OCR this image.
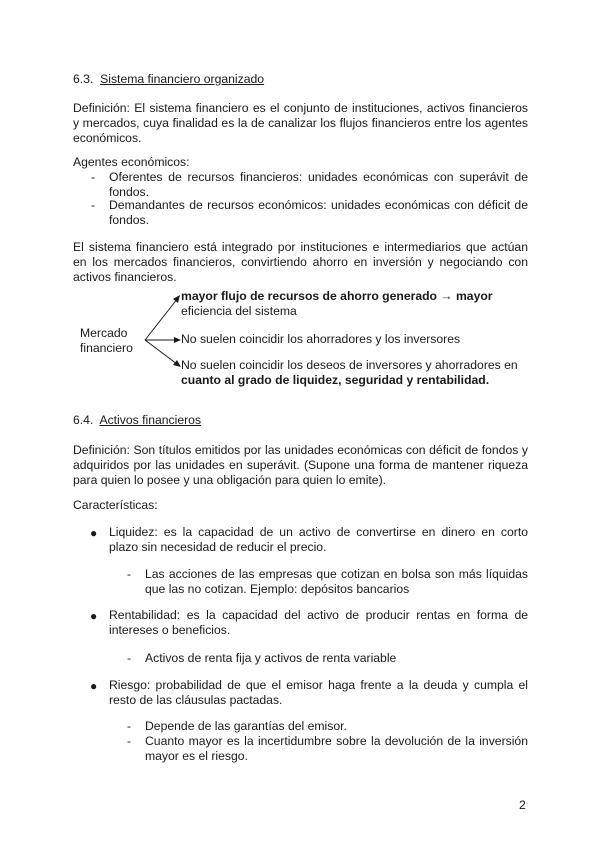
6.3. Sistema financiero organizado
Definición: El sistema financiero es el conjunto de instituciones, activos financieros y mercados, cuya finalidad es la de canalizar los flujos financieros entre los agentes económicos.
Agentes económicos:
- Oferentes de recursos financieros: unidades económicas con superávit de fondos.
- Demandantes de recursos económicos: unidades económicas con déficit de fondos.
El sistema financiero está integrado por instituciones e intermediarios que actúan en los mercados financieros, convirtiendo ahorro en inversión y negociando con activos financieros.
Mercado
financiero
mayor flujo de recursos de ahorro generado → mayor eficiencia del sistema
No suelen coincidir los ahorradores y los inversores
No suelen coincidir los deseos de inversores y ahorradores en cuanto al grado de liquidez, seguridad y rentabilidad.
6.4. Activos financieros
Definición: Son títulos emitidos por las unidades económicas con déficit de fondos y adquiridos por las unidades en superávit. (Supone una forma de mantener riqueza para quien lo posee y una obligación para quien lo emite).
Características:
● Liquidez: es la capacidad de un activo de convertirse en dinero en corto plazo sin necesidad de reducir el precio.
- Las acciones de las empresas que cotizan en bolsa son más líquidas que las no cotizan. Ejemplo: depósitos bancarios
● Rentabilidad: es la capacidad del activo de producir rentas en forma de intereses o beneficios.
- Activos de renta fija y activos de renta variable
● Riesgo: probabilidad de que el emisor haga frente a la deuda y cumpla el resto de las cláusulas pactadas.
- Depende de las garantías del emisor.
- Cuanto mayor es la incertidumbre sobre la devolución de la inversión mayor es el riesgo.
2
